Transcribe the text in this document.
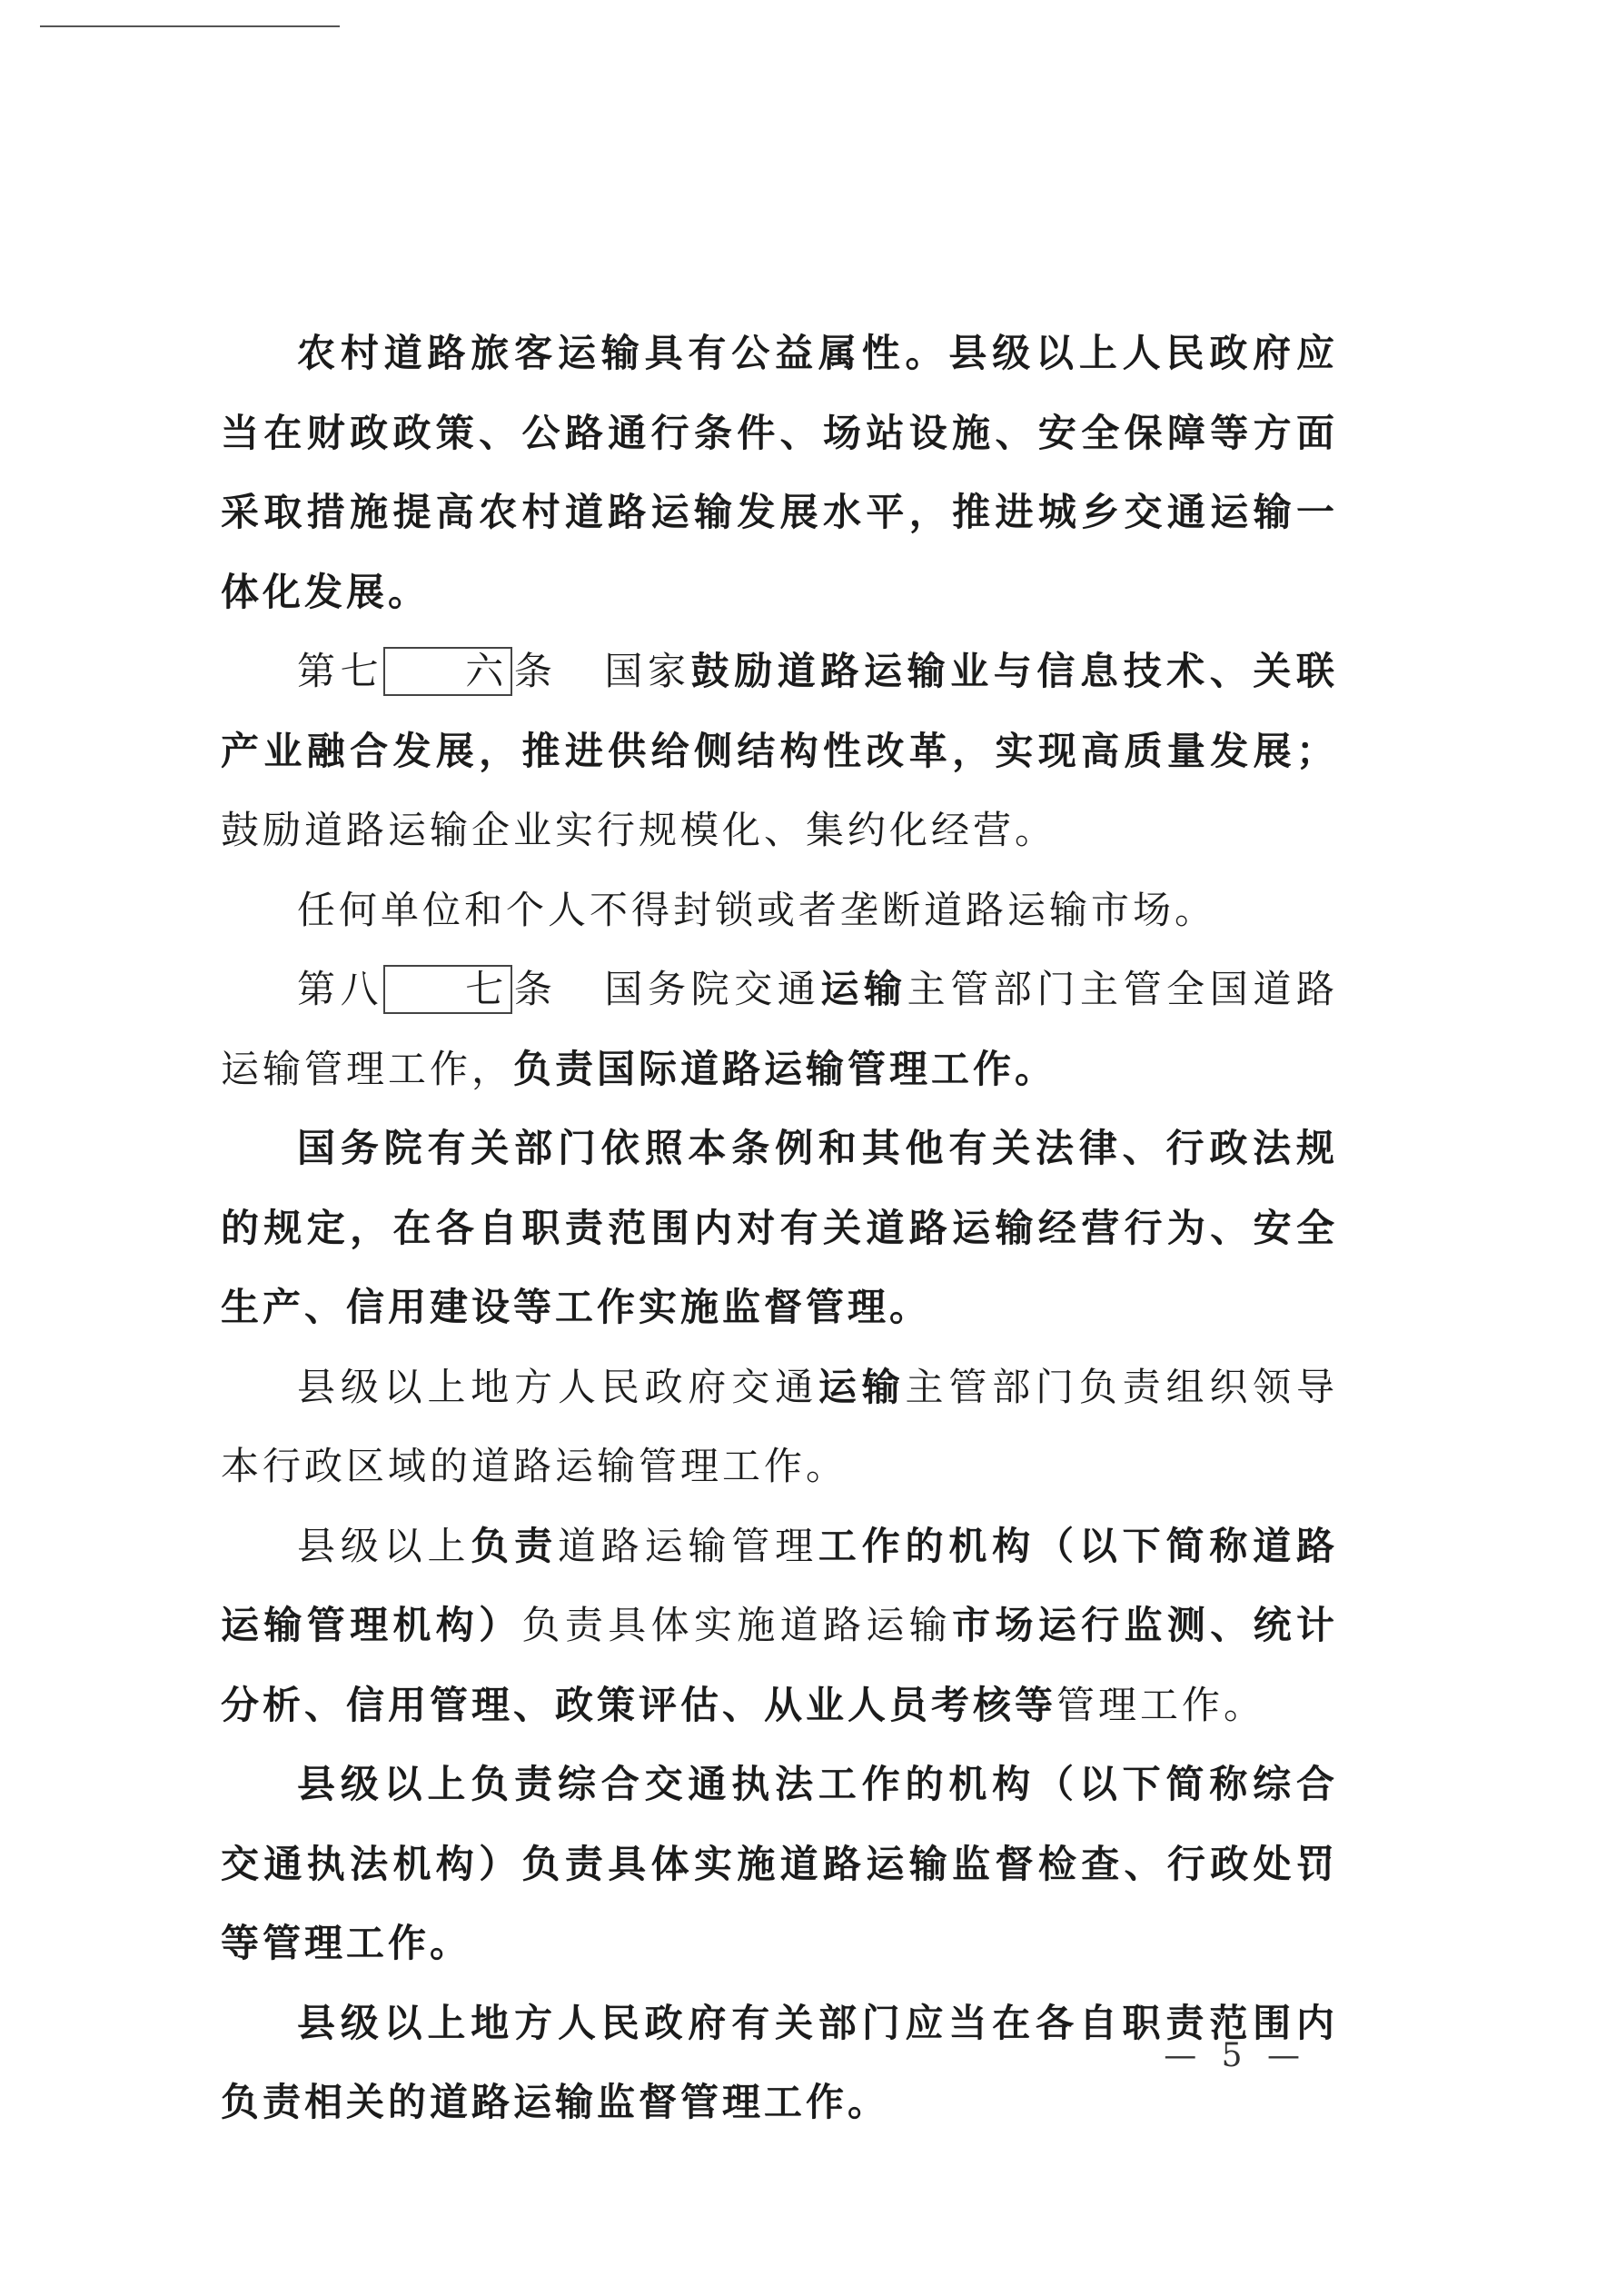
农村道路旅客运输具有公益属性。县级以上人民政府应当在财政政策、公路通行条件、场站设施、安全保障等方面采取措施提高农村道路运输发展水平，推进城乡交通运输一体化发展。

第七 六 条 国家鼓励道路运输业与信息技术、关联产业融合发展，推进供给侧结构性改革，实现高质量发展；鼓励道路运输企业实行规模化、集约化经营。

任何单位和个人不得封锁或者垄断道路运输市场。

第八 七 条 国务院交通运输主管部门主管全国道路运输管理工作，负责国际道路运输管理工作。

国务院有关部门依照本条例和其他有关法律、行政法规的规定，在各自职责范围内对有关道路运输经营行为、安全生产、信用建设等工作实施监督管理。

县级以上地方人民政府交通运输主管部门负责组织领导本行政区域的道路运输管理工作。

县级以上负责道路运输管理工作的机构（以下简称道路运输管理机构）负责具体实施道路运输市场运行监测、统计分析、信用管理、政策评估、从业人员考核等管理工作。

县级以上负责综合交通执法工作的机构（以下简称综合交通执法机构）负责具体实施道路运输监督检查、行政处罚等管理工作。

县级以上地方人民政府有关部门应当在各自职责范围内负责相关的道路运输监督管理工作。

— 5 —
